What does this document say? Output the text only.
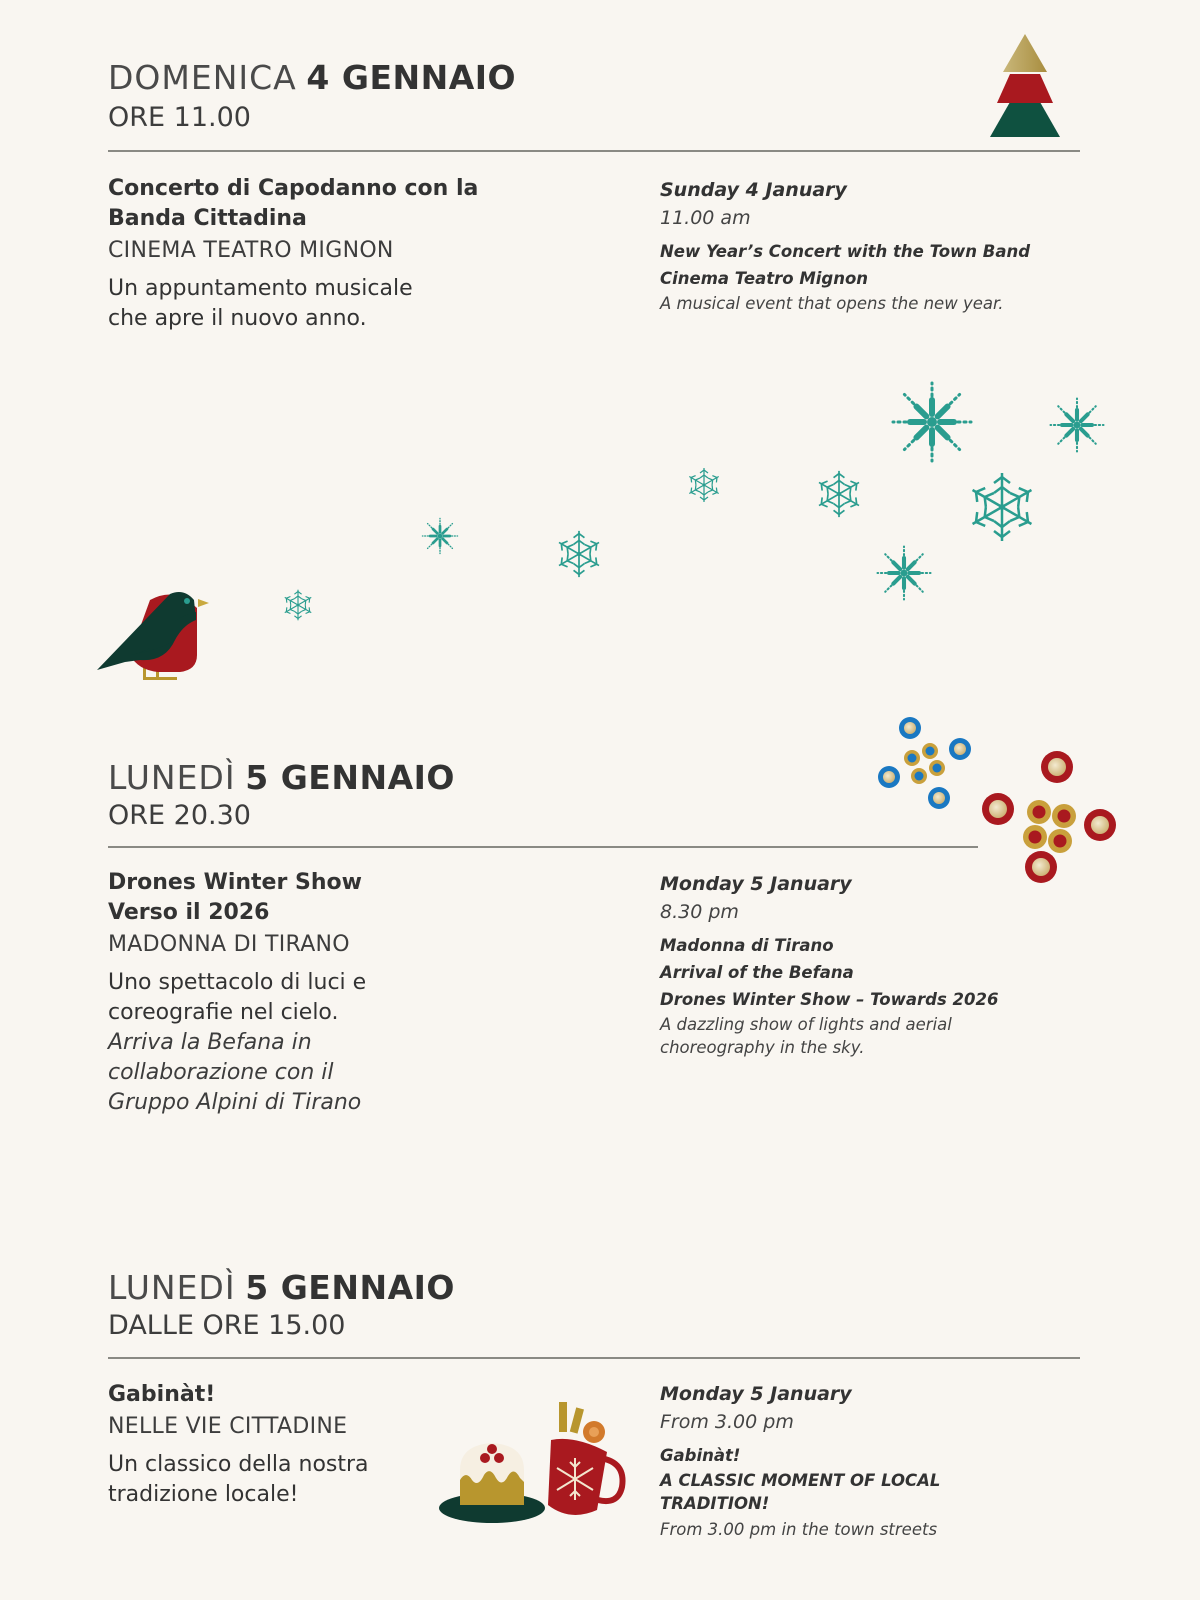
DOMENICA 4 GENNAIO
ORE 11.00
Concerto di Capodanno con la
Banda Cittadina
CINEMA TEATRO MIGNON
Un appuntamento musicale
che apre il nuovo anno.
Sunday 4 January
11.00 am
New Year’s Concert with the Town Band
Cinema Teatro Mignon
A musical event that opens the new year.
LUNEDÌ 5 GENNAIO
ORE 20.30
Drones Winter Show
Verso il 2026
MADONNA DI TIRANO
Uno spettacolo di luci e
coreografie nel cielo.
Arriva la Befana in
collaborazione con il
Gruppo Alpini di Tirano
Monday 5 January
8.30 pm
Madonna di Tirano
Arrival of the Befana
Drones Winter Show – Towards 2026
A dazzling show of lights and aerial
choreography in the sky.
LUNEDÌ 5 GENNAIO
DALLE ORE 15.00
Gabinàt!
NELLE VIE CITTADINE
Un classico della nostra
tradizione locale!
Monday 5 January
From 3.00 pm
Gabinàt!
A CLASSIC MOMENT OF LOCAL
TRADITION!
From 3.00 pm in the town streets
